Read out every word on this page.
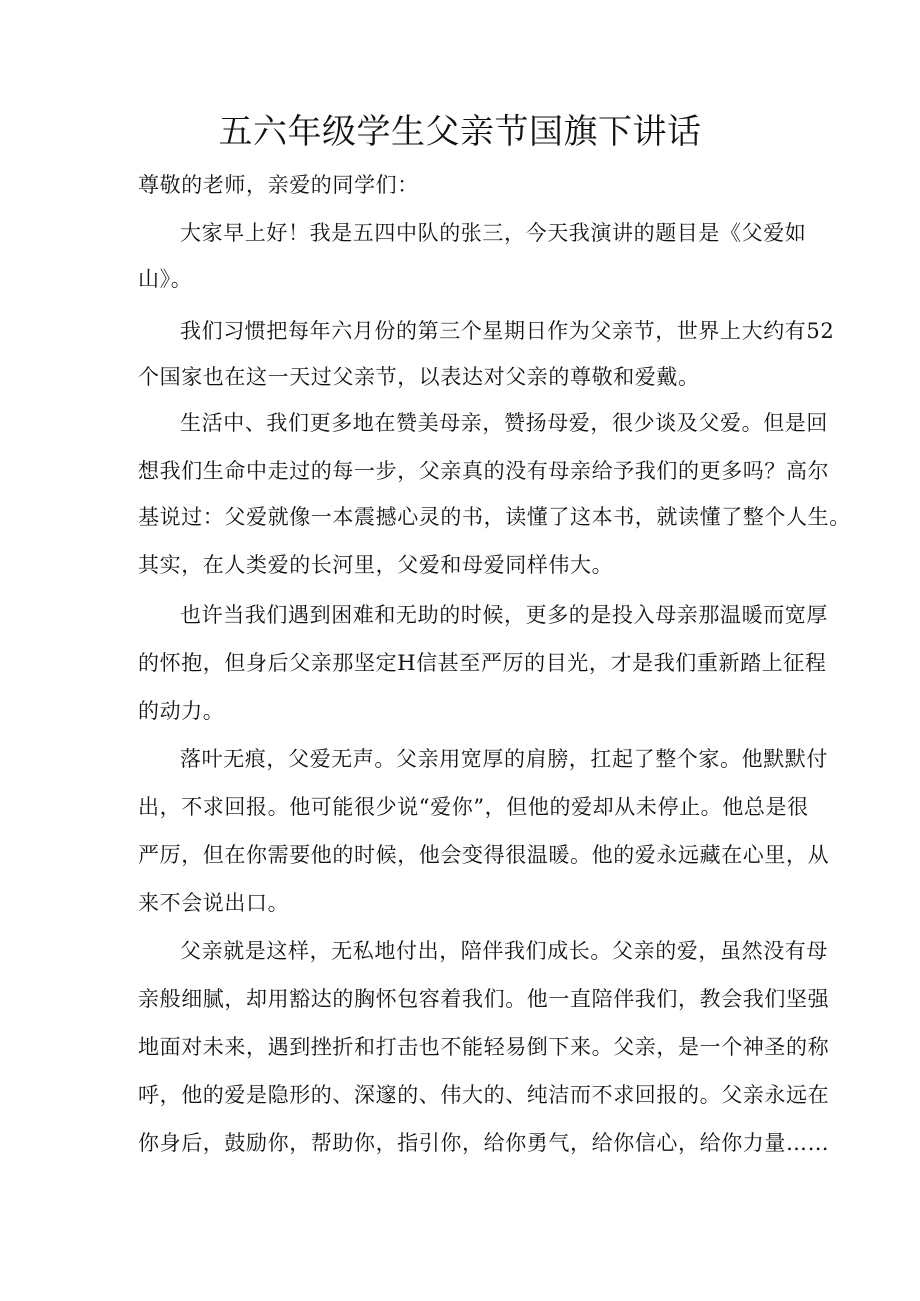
五六年级学生父亲节国旗下讲话
尊敬的老师，亲爱的同学们：
大家早上好！我是五四中队的张三，今天我演讲的题目是《父爱如
山》。
我们习惯把每年六月份的第三个星期日作为父亲节，世界上大约有52
个国家也在这一天过父亲节，以表达对父亲的尊敬和爱戴。
生活中、我们更多地在赞美母亲，赞扬母爱，很少谈及父爱。但是回
想我们生命中走过的每一步，父亲真的没有母亲给予我们的更多吗？高尔
基说过：父爱就像一本震撼心灵的书，读懂了这本书，就读懂了整个人生。
其实，在人类爱的长河里，父爱和母爱同样伟大。
也许当我们遇到困难和无助的时候，更多的是投入母亲那温暖而宽厚
的怀抱，但身后父亲那坚定H信甚至严厉的目光，才是我们重新踏上征程
的动力。
落叶无痕，父爱无声。父亲用宽厚的肩膀，扛起了整个家。他默默付
出，不求回报。他可能很少说“爱你”，但他的爱却从未停止。他总是很
严厉，但在你需要他的时候，他会变得很温暖。他的爱永远藏在心里，从
来不会说出口。
父亲就是这样，无私地付出，陪伴我们成长。父亲的爱，虽然没有母
亲般细腻，却用豁达的胸怀包容着我们。他一直陪伴我们，教会我们坚强
地面对未来，遇到挫折和打击也不能轻易倒下来。父亲，是一个神圣的称
呼，他的爱是隐形的、深邃的、伟大的、纯洁而不求回报的。父亲永远在
你身后，鼓励你，帮助你，指引你，给你勇气，给你信心，给你力量……
